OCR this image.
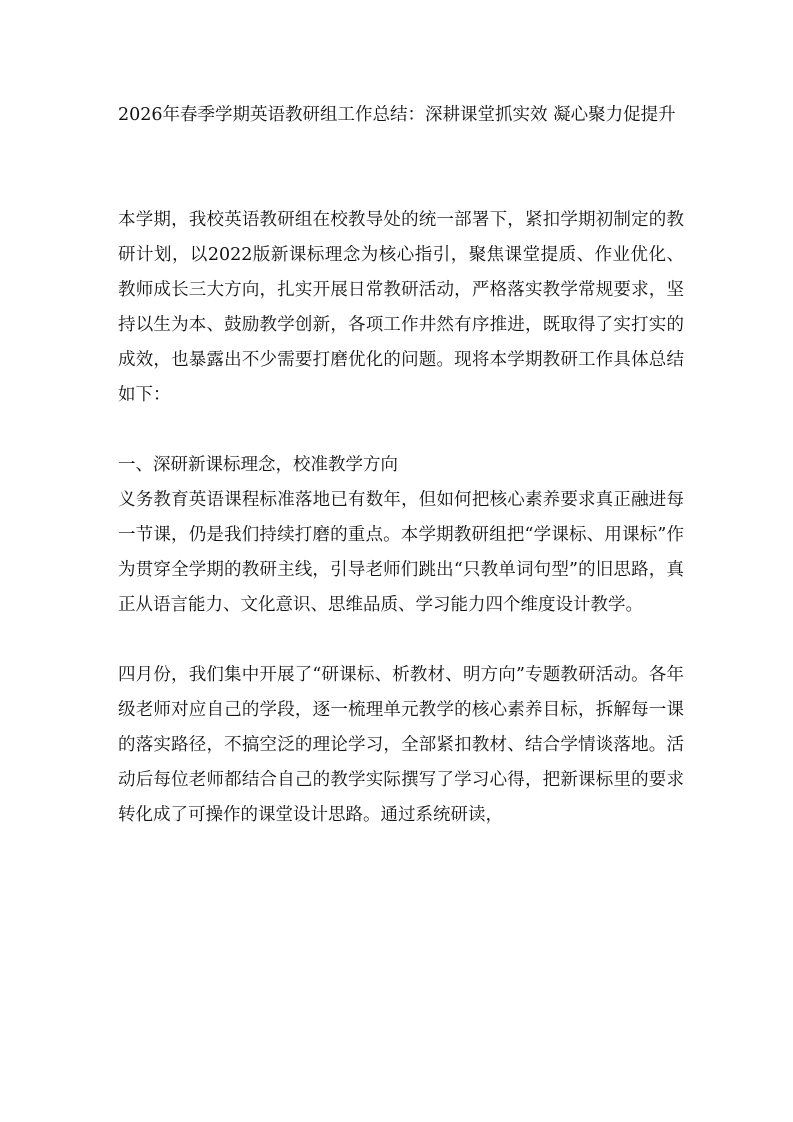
2026年春季学期英语教研组工作总结：深耕课堂抓实效 凝心聚力促提升

本学期，我校英语教研组在校教导处的统一部署下，紧扣学期初制定的教研计划，以2022版新课标理念为核心指引，聚焦课堂提质、作业优化、教师成长三大方向，扎实开展日常教研活动，严格落实教学常规要求，坚持以生为本、鼓励教学创新，各项工作井然有序推进，既取得了实打实的成效，也暴露出不少需要打磨优化的问题。现将本学期教研工作具体总结如下：

一、深研新课标理念，校准教学方向

义务教育英语课程标准落地已有数年，但如何把核心素养要求真正融进每一节课，仍是我们持续打磨的重点。本学期教研组把“学课标、用课标”作为贯穿全学期的教研主线，引导老师们跳出“只教单词句型”的旧思路，真正从语言能力、文化意识、思维品质、学习能力四个维度设计教学。

四月份，我们集中开展了“研课标、析教材、明方向”专题教研活动。各年级老师对应自己的学段，逐一梳理单元教学的核心素养目标，拆解每一课的落实路径，不搞空泛的理论学习，全部紧扣教材、结合学情谈落地。活动后每位老师都结合自己的教学实际撰写了学习心得，把新课标里的要求转化成了可操作的课堂设计思路。通过系统研读，
